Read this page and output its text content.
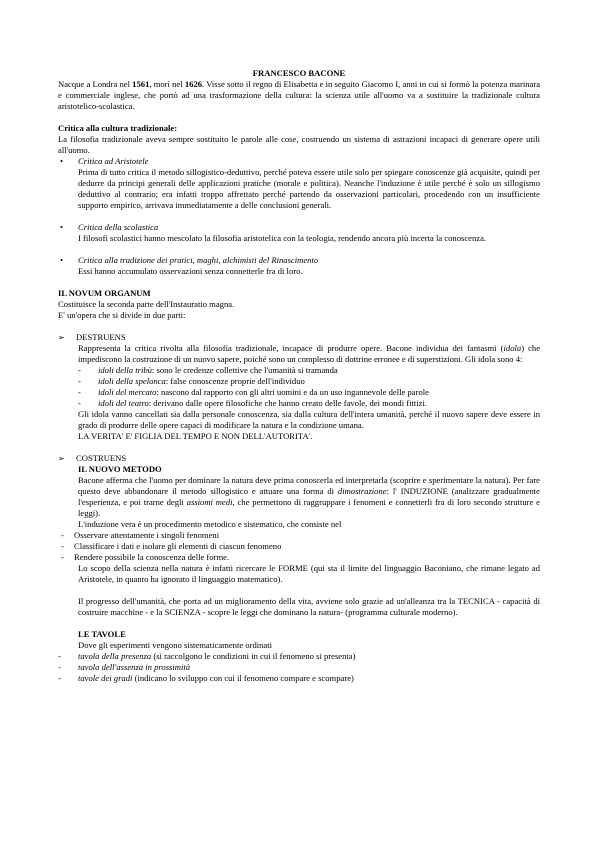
FRANCESCO BACONE

Nacque a Londra nel 1561, morì nel 1626. Visse sotto il regno di Elisabetta e in seguito Giacomo I, anni in cui si formò la potenza marinara e commerciale inglese, che portò ad una trasformazione della cultura: la scienza utile all'uomo va a sostituire la tradizionale cultura aristotelico-scolastica.

Critica alla cultura tradizionale:

La filosofia tradizionale aveva sempre sostituito le parole alle cose, costruendo un sistema di astrazioni incapaci di generare opere utili all'uomo.

•	Critica ad Aristotele

Prima di tutto critica il metodo sillogistico-deduttivo, perché poteva essere utile solo per spiegare conoscenze già acquisite, quindi per dedurre da principi generali delle applicazioni pratiche (morale e politica). Neanche l'induzione è utile perché è solo un sillogismo deduttivo al contrario; era infatti troppo affrettato perché partendo da osservazioni particolari, procedendo con un insufficiente supporto empirico, arrivava immediatamente a delle conclusioni generali.

•	Critica della scolastica

I filosofi scolastici hanno mescolato la filosofia aristotelica con la teologia, rendendo ancora più incerta la conoscenza.

•	Critica alla tradizione dei pratici, maghi, alchimisti del Rinascimento

Essi hanno accumulato osservazioni senza connetterle fra di loro.

IL NOVUM ORGANUM

Costituisce la seconda parte dell'Instauratio magna.

E' un'opera che si divide in due parti:

➢	DESTRUENS

Rappresenta la critica rivolta alla filosofia tradizionale, incapace di produrre opere. Bacone individua dei fantasmi (idola) che impediscono la costruzione di un nuovo sapere, poiché sono un complesso di dottrine erronee e di superstizioni. Gli idola sono 4:

-	idoli della tribù: sono le credenze collettive che l'umanità si tramanda

-	idoli della spelonca: false conoscenze proprie dell'individuo

-	idoli del mercato: nascono dal rapporto con gli altri uomini e da un uso ingannevole delle parole

-	idoli del teatro: derivano dalle opere filosofiche che hanno creato delle favole, dei mondi fittizi.

Gli idola vanno cancellati sia dalla personale conoscenza, sia dalla cultura dell'intera umanità, perché il nuovo sapere deve essere in grado di produrre delle opere capaci di modificare la natura e la condizione umana.

LA VERITA' E' FIGLIA DEL TEMPO E NON DELL'AUTORITA'.

➢	COSTRUENS

IL NUOVO METODO

Bacone afferma che l'uomo per dominare la natura deve prima conoscerla ed interpretarla (scoprire e sperimentare la natura). Per fare questo deve abbandonare il metodo sillogistico e attuare una forma di dimostrazione: l' INDUZIONE (analizzare gradualmente l'esperienza, e poi trarne degli assiomi medi, che permettono di raggruppare i fenomeni e connetterli fra di loro secondo strutture e leggi).

L'induzione vera è un procedimento metodico e sistematico, che consiste nel

-	Osservare attentamente i singoli fenomeni

-	Classificare i dati e isolare gli elementi di ciascun fenomeno

-	Rendere possibile la conoscenza delle forme.

Lo scopo della scienza nella natura è infatti ricercare le FORME (qui sta il limite del linguaggio Baconiano, che rimane legato ad Aristotele, in quanto ha ignorato il linguaggio matematico).

Il progresso dell'umanità, che porta ad un miglioramento della vita, avviene solo grazie ad un'alleanza tra la TECNICA - capacità di costruire macchine - e la SCIENZA - scopre le leggi che dominano la natura- (programma culturale moderno).

LE TAVOLE

Dove gli esperimenti vengono sistematicamente ordinati

-	tavola della presenza (si raccolgono le condizioni in cui il fenomeno si presenta)

-	tavola dell'assenza in prossimità

-	tavole dei gradi (indicano lo sviluppo con cui il fenomeno compare e scompare)
